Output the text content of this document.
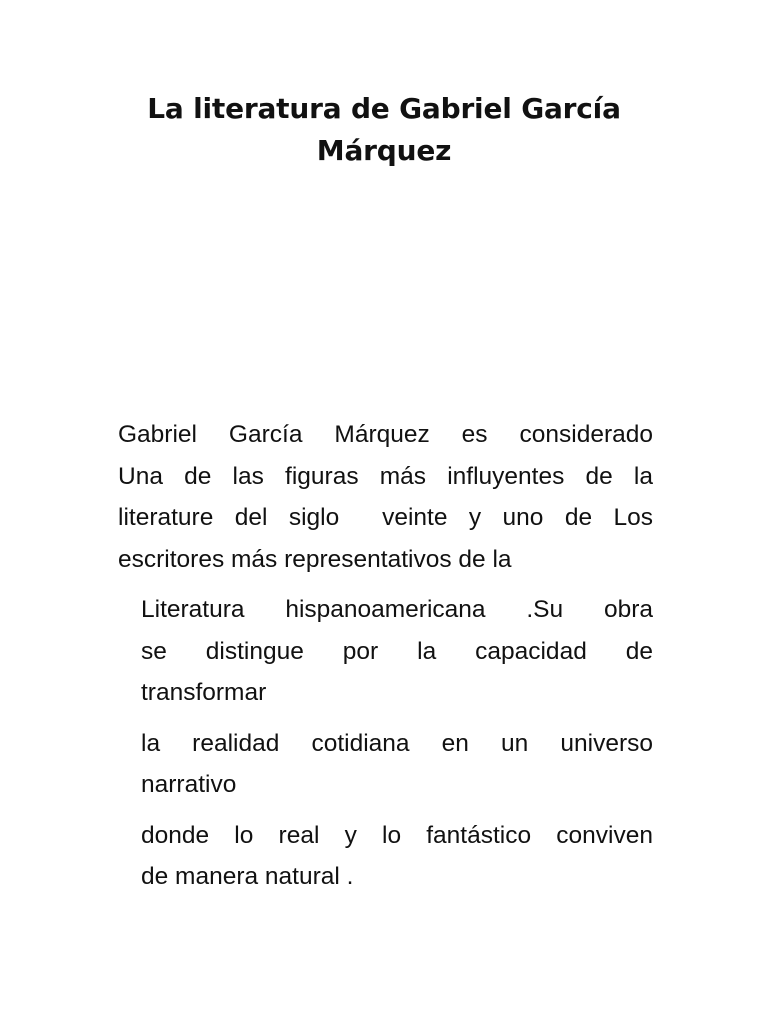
La literatura de Gabriel García Márquez
Gabriel García Márquez es considerado
Una de las figuras más influyentes de la
literature del siglo  veinte y uno de Los
escritores más representativos de la
Literatura hispanoamericana .Su obra
se distingue por la capacidad de
transformar
la realidad cotidiana en un universo
narrativo
donde lo real y lo fantástico conviven
de manera natural .
